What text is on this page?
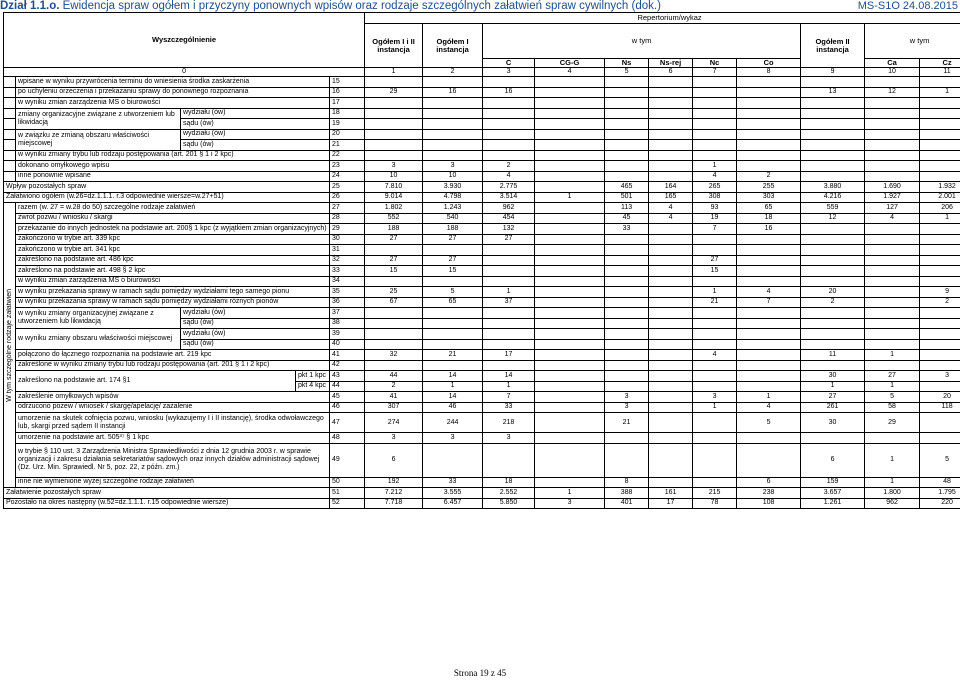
Dział 1.1.o. Ewidencja spraw ogółem i przyczyny ponownych wpisów oraz rodzaje szczególnych załatwień spraw cywilnych (dok.)	MS-S1O 24.08.2015
Wyszczególnienie					Repertorium/wykaz										
					Ogółem I i II instancja	Ogółem I instancja	w tym						Ogółem II instancja	w tym	
							C	CG-G	Ns	Ns-rej	Nc	Co		Ca	Cz
0					1	2	3	4	5	6	7	8	9	10	11
	wpisane w wyniku przywrócenia terminu do wniesienia środka zaskarżenia			15											
	po uchyleniu orzeczenia i przekazaniu sprawy do ponownego rozpoznania			16	29	16	16						13	12	1
	w wyniku zmian zarządzenia MS o biurowości			17											
	zmiany organizacyjne związane z utworzeniem lub likwidacją	wydziału (ów)		18											
		sądu (ów)		19											
	w związku ze zmianą obszaru właściwości miejscowej	wydziału (ów)		20											
		sądu (ów)		21											
	w wyniku zmiany trybu lub rodzaju postępowania (art. 201 § 1 i 2 kpc)			22											
	dokonano omyłkowego wpisu			23	3	3	2				1				
	inne ponownie wpisane			24	10	10	4				4	2			
Wpływ pozostałych spraw				25	7.810	3.930	2.775		465	164	265	255	3.880	1.690	1.932
Załatwiono ogółem (w.26=dz.1.1.1. r.3 odpowiednie wiersze=w.27+51)				26	9.014	4.798	3.514	1	501	165	308	303	4.216	1.927	2.001

W tym szczególne rodzaje załatwień	razem (w. 27 = w.28 do 50) szczególne rodzaje załatwień			27	1.802	1.243	962		113	4	93	65	559	127	206
	zwrot pozwu / wniosku / skargi			28	552	540	454		45	4	19	18	12	4	1
	przekazanie do innych jednostek na podstawie art. 200§ 1 kpc (z wyjątkiem zmian organizacyjnych)			29	188	188	132		33		7	16			
	zakończono w trybie art. 339 kpc			30	27	27	27								
	zakończono w trybie art. 341 kpc			31											
	zakreślono na podstawie art. 486 kpc			32	27	27					27				
	zakreślono na podstawie art. 498 § 2 kpc			33	15	15					15				
	w wyniku zmian zarządzenia MS o biurowości			34											
	w wyniku przekazania sprawy w ramach sądu pomiędzy wydziałami tego samego pionu			35	25	5	1				1	4	20		9
	w wyniku przekazania sprawy w ramach sądu pomiędzy wydziałami różnych pionów			36	67	65	37				21	7	2		2
	w wyniku zmiany organizacyjnej związane z utworzeniem lub likwidacją	wydziału (ów)		37											
		sądu (ów)		38											
	w wyniku zmiany obszaru właściwości miejscowej	wydziału (ów)		39											
		sądu (ów)		40											
	połączono do łącznego rozpoznania na podstawie art. 219 kpc			41	32	21	17				4		11	1	
	zakreślone w wyniku zmiany trybu lub rodzaju postępowania (art. 201 § 1 i 2 kpc)			42											
	zakreślono na podstawie art. 174 §1		pkt 1 kpc	43	44	14	14						30	27	3
			pkt 4 kpc	44	2	1	1						1	1	
	zakreślenie omyłkowych wpisów			45	41	14	7		3		3	1	27	5	20
	odrzucono pozew / wniosek / skargę/apelację/ zażalenie			46	307	46	33		3		1	4	261	58	118
	umorzenie na skutek cofnięcia pozwu, wniosku (wykazujemy I i II instancję), środka odwoławczego lub, skargi przed sądem II instancji			47	274	244	218		21			5	30	29	
	umorzenie na podstawie art. 505³⁷ § 1 kpc			48	3	3	3								
	w trybie § 110 ust. 3 Zarządzenia Ministra Sprawiedliwości z dnia 12 grudnia 2003 r. w sprawie organizacji i zakresu działania sekretariatów sądowych oraz innych działów administracji sądowej (Dz. Urz. Min. Sprawiedl. Nr 5, poz. 22, z późn. zm.)			49	6								6	1	5
	inne nie wymienione wyżej szczególne rodzaje załatwień			50	192	33	18		8			6	159	1	48
Załatwienie pozostałych spraw				51	7.212	3.555	2.552	1	388	161	215	238	3.657	1.800	1.795
Pozostało na okres następny (w.52=dz.1.1.1. r.15 odpowiednie wiersze)				52	7.718	6.457	5.850	3	401	17	78	108	1.261	962	220
Strona 19 z 45
